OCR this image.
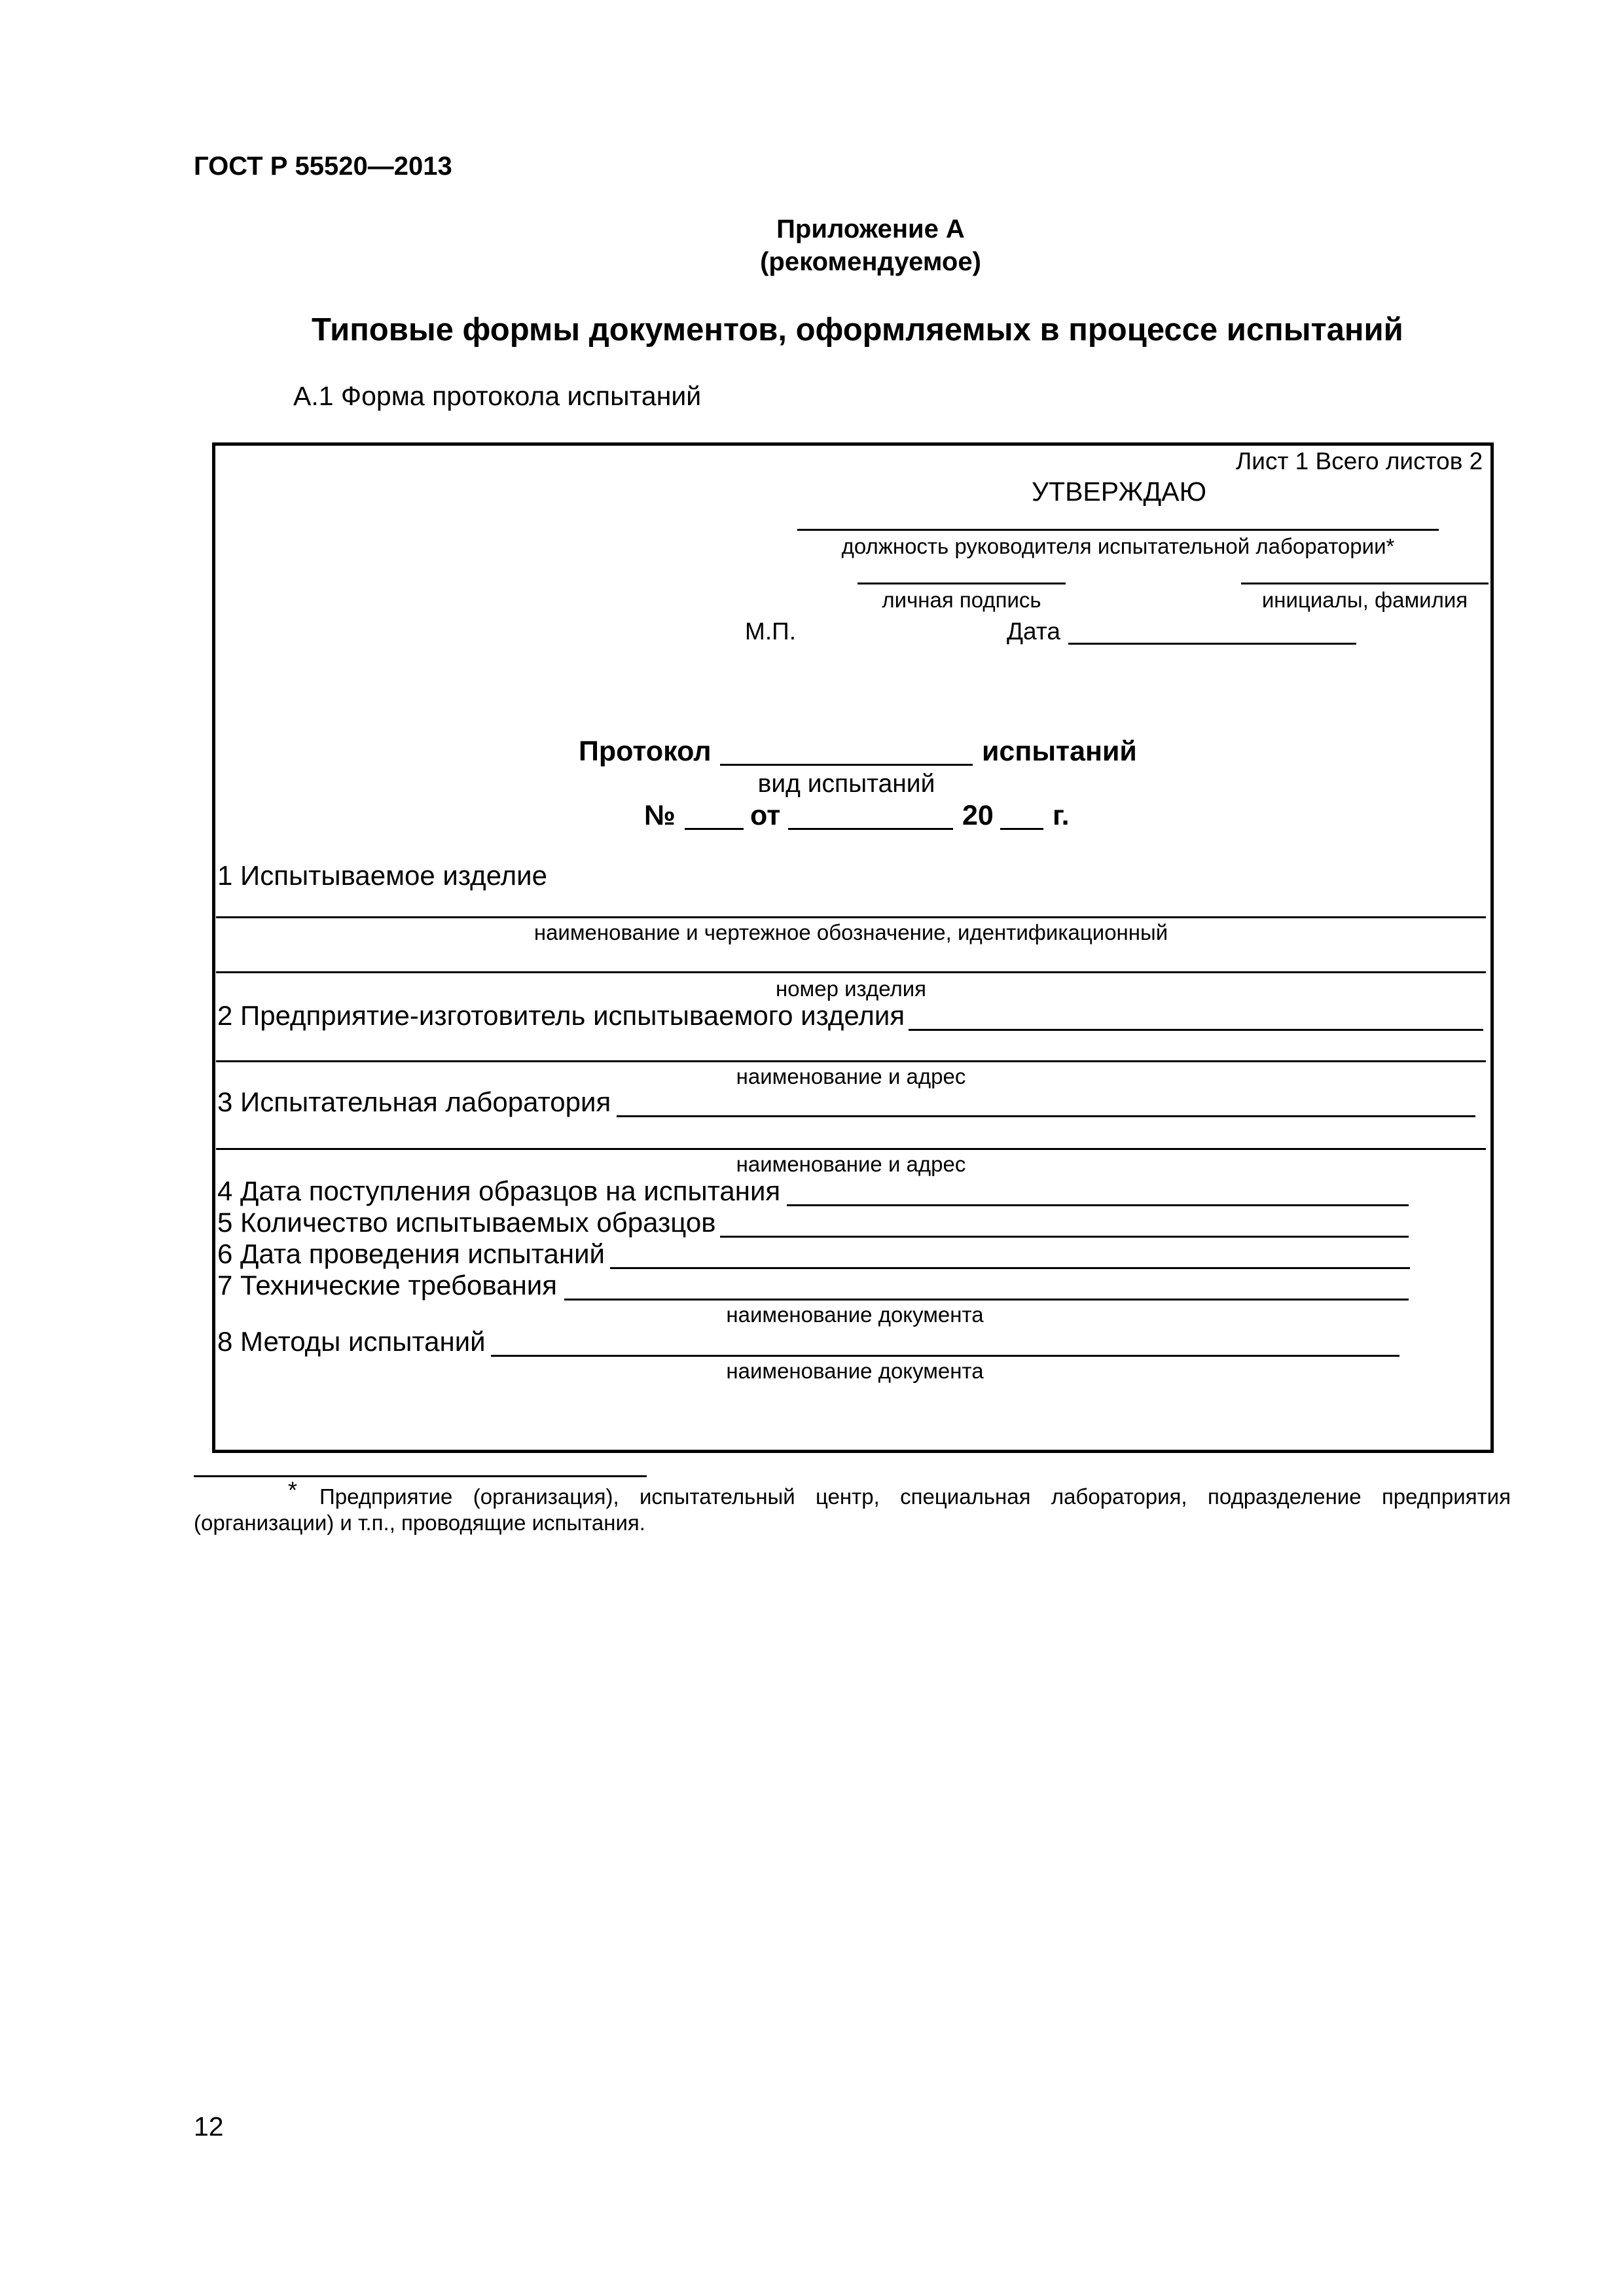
ГОСТ Р 55520—2013
Приложение А
(рекомендуемое)
Типовые формы документов, оформляемых в процессе испытаний
А.1 Форма протокола испытаний
Лист 1 Всего листов 2
УТВЕРЖДАЮ
должность руководителя испытательной лаборатории*
личная подпись	инициалы, фамилия
М.П.	Дата
Протокол	испытаний
вид испытаний
№	от	20 г.
1 Испытываемое изделие
наименование и чертежное обозначение, идентификационный
номер изделия
2 Предприятие-изготовитель испытываемого изделия
наименование и адрес
3 Испытательная лаборатория
наименование и адрес
4 Дата поступления образцов на испытания
5 Количество испытываемых образцов
6 Дата проведения испытаний
7 Технические требования
наименование документа
8 Методы испытаний
наименование документа
* Предприятие (организация), испытательный центр, специальная лаборатория, подразделение предприятия
(организации) и т.п., проводящие испытания.
12
